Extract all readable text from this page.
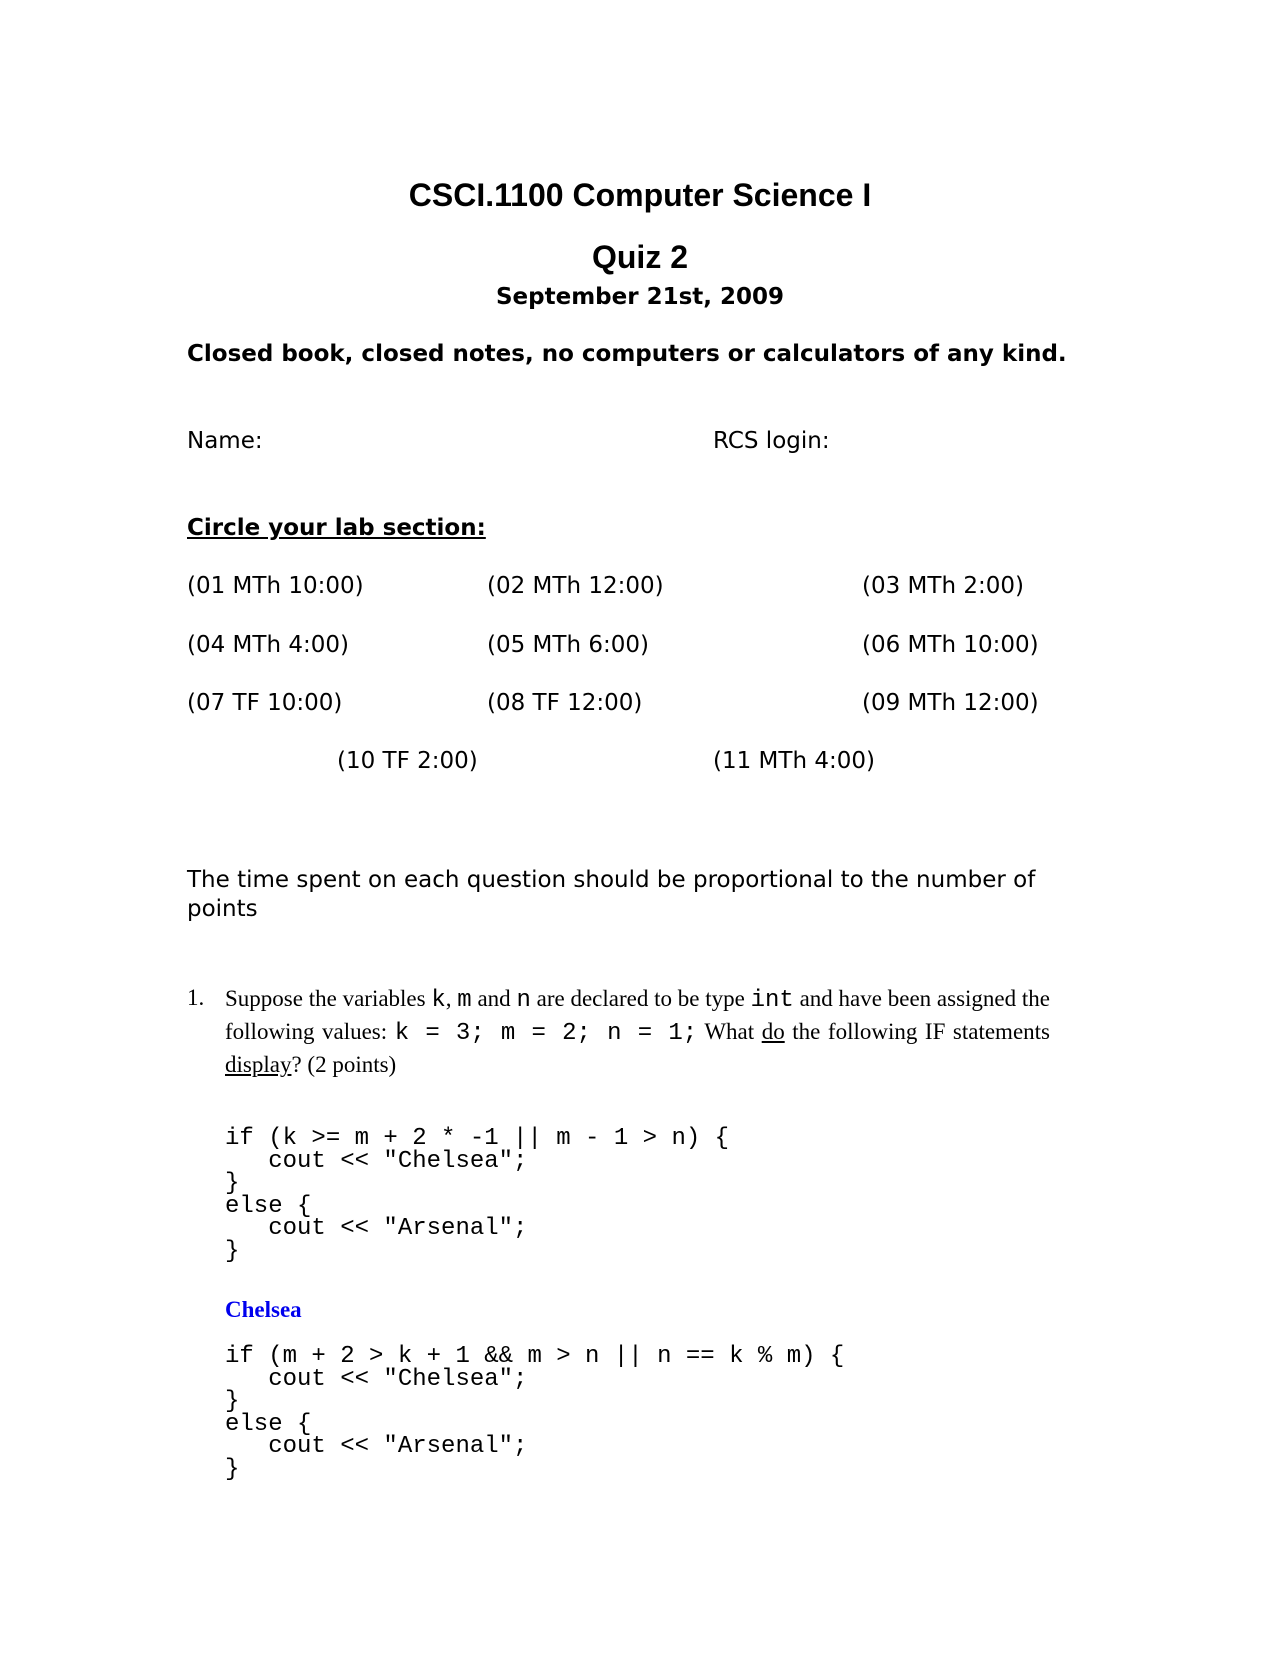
CSCI.1100 Computer Science I
Quiz 2
September 21st, 2009
Closed book, closed notes, no computers or calculators of any kind.
Name:	RCS login:
Circle your lab section:
(01 MTh 10:00)	(02 MTh 12:00)	(03 MTh 2:00)
(04 MTh 4:00)	(05 MTh 6:00)	(06 MTh 10:00)
(07 TF 10:00)	(08 TF 12:00)	(09 MTh 12:00)
(10 TF 2:00)	(11 MTh 4:00)
The time spent on each question should be proportional to the number of points
1. Suppose the variables k, m and n are declared to be type int and have been assigned the following values: k = 3; m = 2; n = 1; What do the following IF statements display? (2 points)
if (k >= m + 2 * -1 || m - 1 > n) {
cout << "Chelsea";
}
else {
cout << "Arsenal";
}
Chelsea
if (m + 2 > k + 1 && m > n || n == k % m) {
cout << "Chelsea";
}
else {
cout << "Arsenal";
}
